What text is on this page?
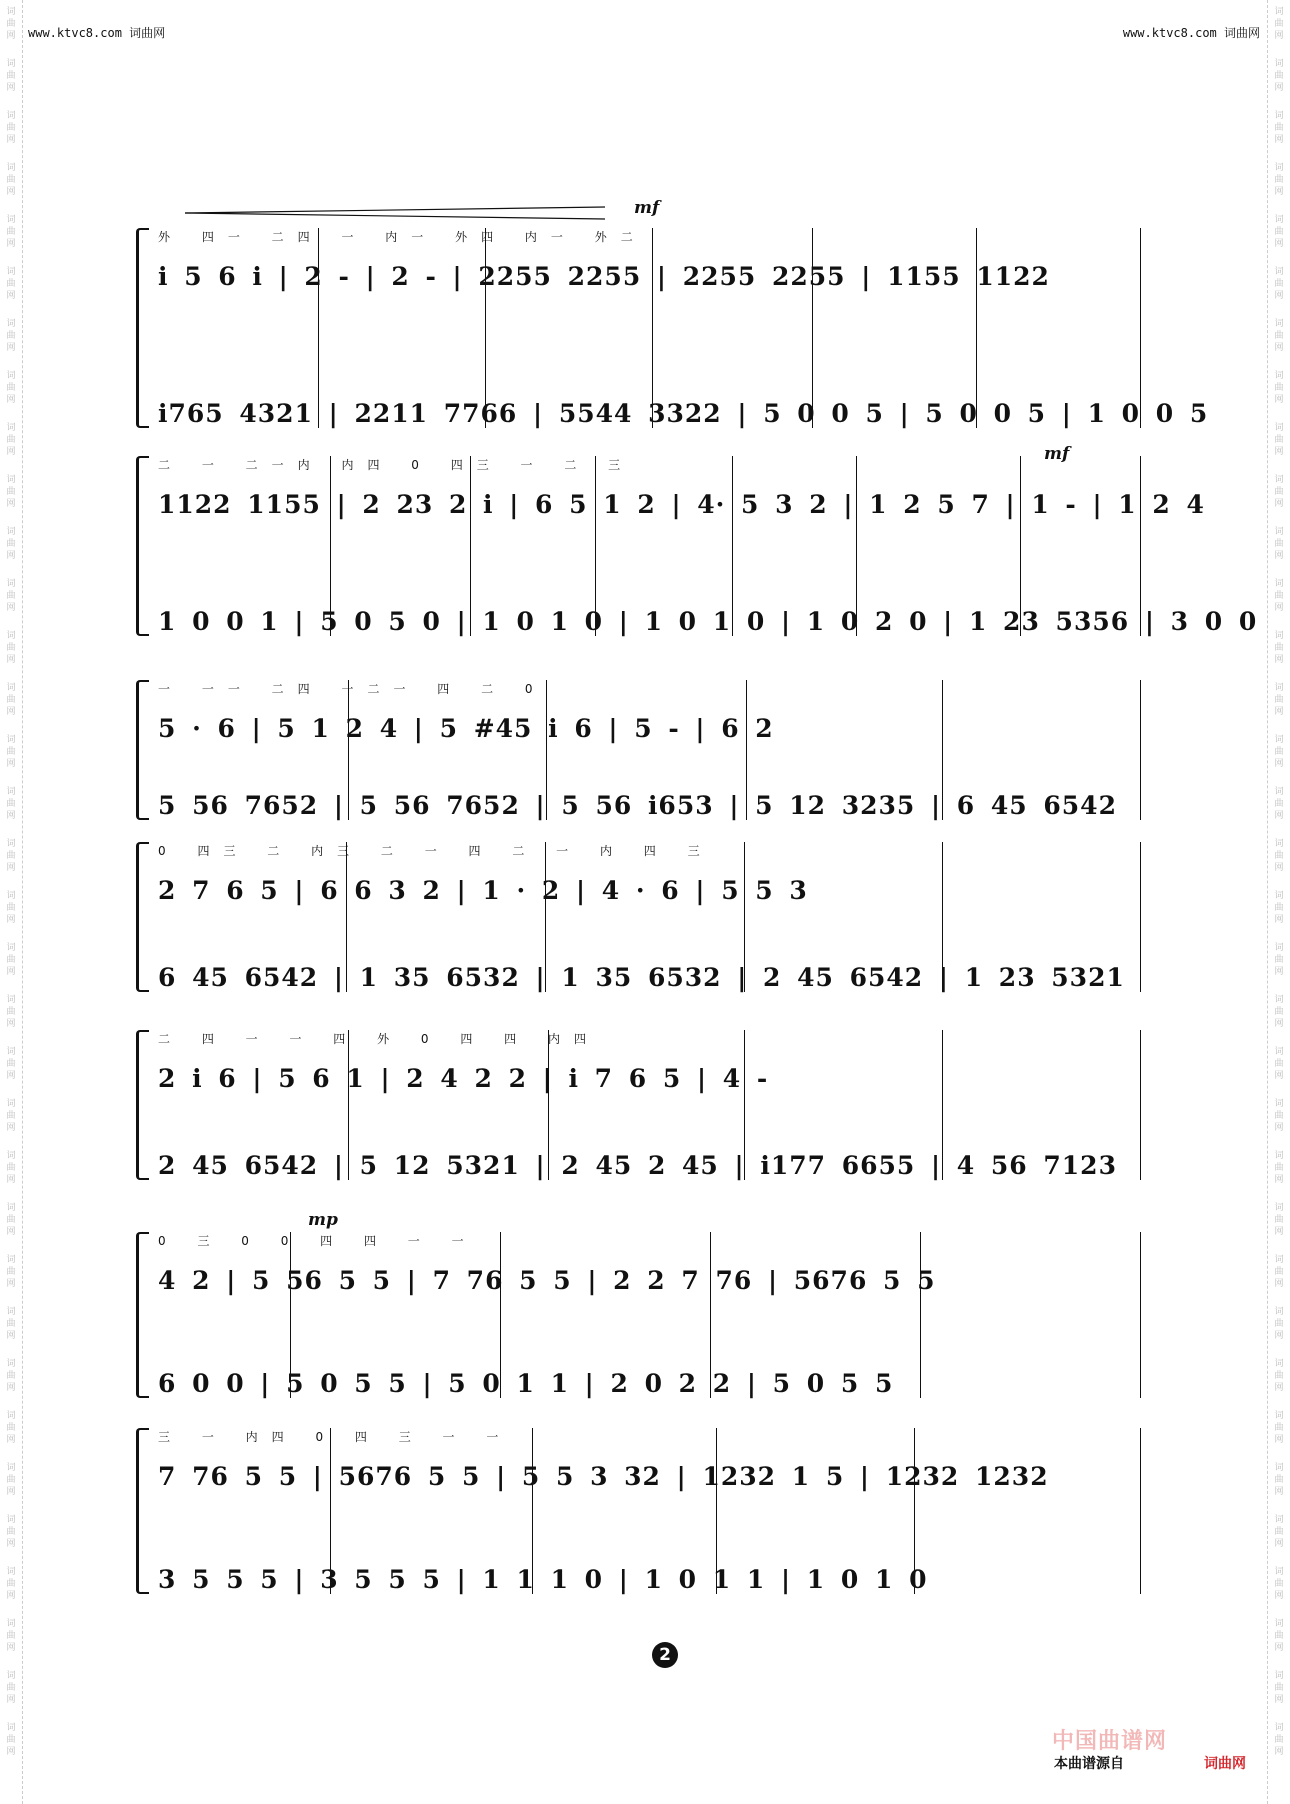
词曲网
词曲网
词曲网
词曲网
词曲网
词曲网
词曲网
词曲网
词曲网
词曲网
词曲网
词曲网
词曲网
词曲网
词曲网
词曲网
词曲网
词曲网
词曲网
词曲网
词曲网
词曲网
词曲网
词曲网
词曲网
词曲网
词曲网
词曲网
词曲网
词曲网
词曲网
词曲网
词曲网
词曲网
词曲网
词曲网
词曲网
词曲网
词曲网
词曲网
词曲网
词曲网
词曲网
词曲网
词曲网
词曲网
词曲网
词曲网
词曲网
词曲网
词曲网
词曲网
词曲网
词曲网
词曲网
词曲网
词曲网
词曲网
词曲网
词曲网
词曲网
词曲网
词曲网
词曲网
词曲网
词曲网
词曲网
词曲网
www.ktvc8.com 词曲网	www.ktvc8.com 词曲网
mf
mf
mp
外 四一 二四 一 内一 外四 内一 外二
i 5 6 i | 2 - | 2 - | 2255 2255 | 2255 2255 | 1155 1122
i765 4321 | 2211 7766 | 5544 3322 | 5 0 0 5 | 5 0 0 5 | 1 0 0 5
二 一 二一内 内四 0 四三 一 二 三
1122 1155 | 2 23 2 i | 6 5 1 2 | 4· 5 3 2 | 1 2 5 7 | 1 - | 1 2 4
1 0 0 1 | 5 0 5 0 | 1 0 1 0 | 1 0 1 0 | 1 0 2 0 | 1 23 5356 | 3 0 0
一 一一 二四 一二一 四 二 0
5 · 6 | 5 1 2 4 | 5 #45 i 6 | 5 - | 6 2
5 56 7652 | 5 56 7652 | 5 56 i653 | 5 12 3235 | 6 45 6542
0 四三 二 内三 二 一 四 二 一 内 四 三
2 7 6 5 | 6 6 3 2 | 1 · 2 | 4 · 6 | 5 5 3
6 45 6542 | 1 35 6532 | 1 35 6532 | 2 45 6542 | 1 23 5321
二 四 一 一 四 外 0 四 四 内四
2 i 6 | 5 6 1 | 2 4 2 2 | i 7 6 5 | 4 -
2 45 6542 | 5 12 5321 | 2 45 2 45 | i177 6655 | 4 56 7123
0 三 0 0 四 四 一 一
4 2 | 5 56 5 5 | 7 76 5 5 | 2 2 7 76 | 5676 5 5
6 0 0 | 5 0 5 5 | 5 0 1 1 | 2 0 2 2 | 5 0 5 5
三 一 内四 0 四 三 一 一
7 76 5 5 | 5676 5 5 | 5 5 3 32 | 1232 1 5 | 1232 1232
3 5 5 5 | 3 5 5 5 | 1 1 1 0 | 1 0 1 1 | 1 0 1 0
2
中国曲谱网
本曲谱源自	词曲网
